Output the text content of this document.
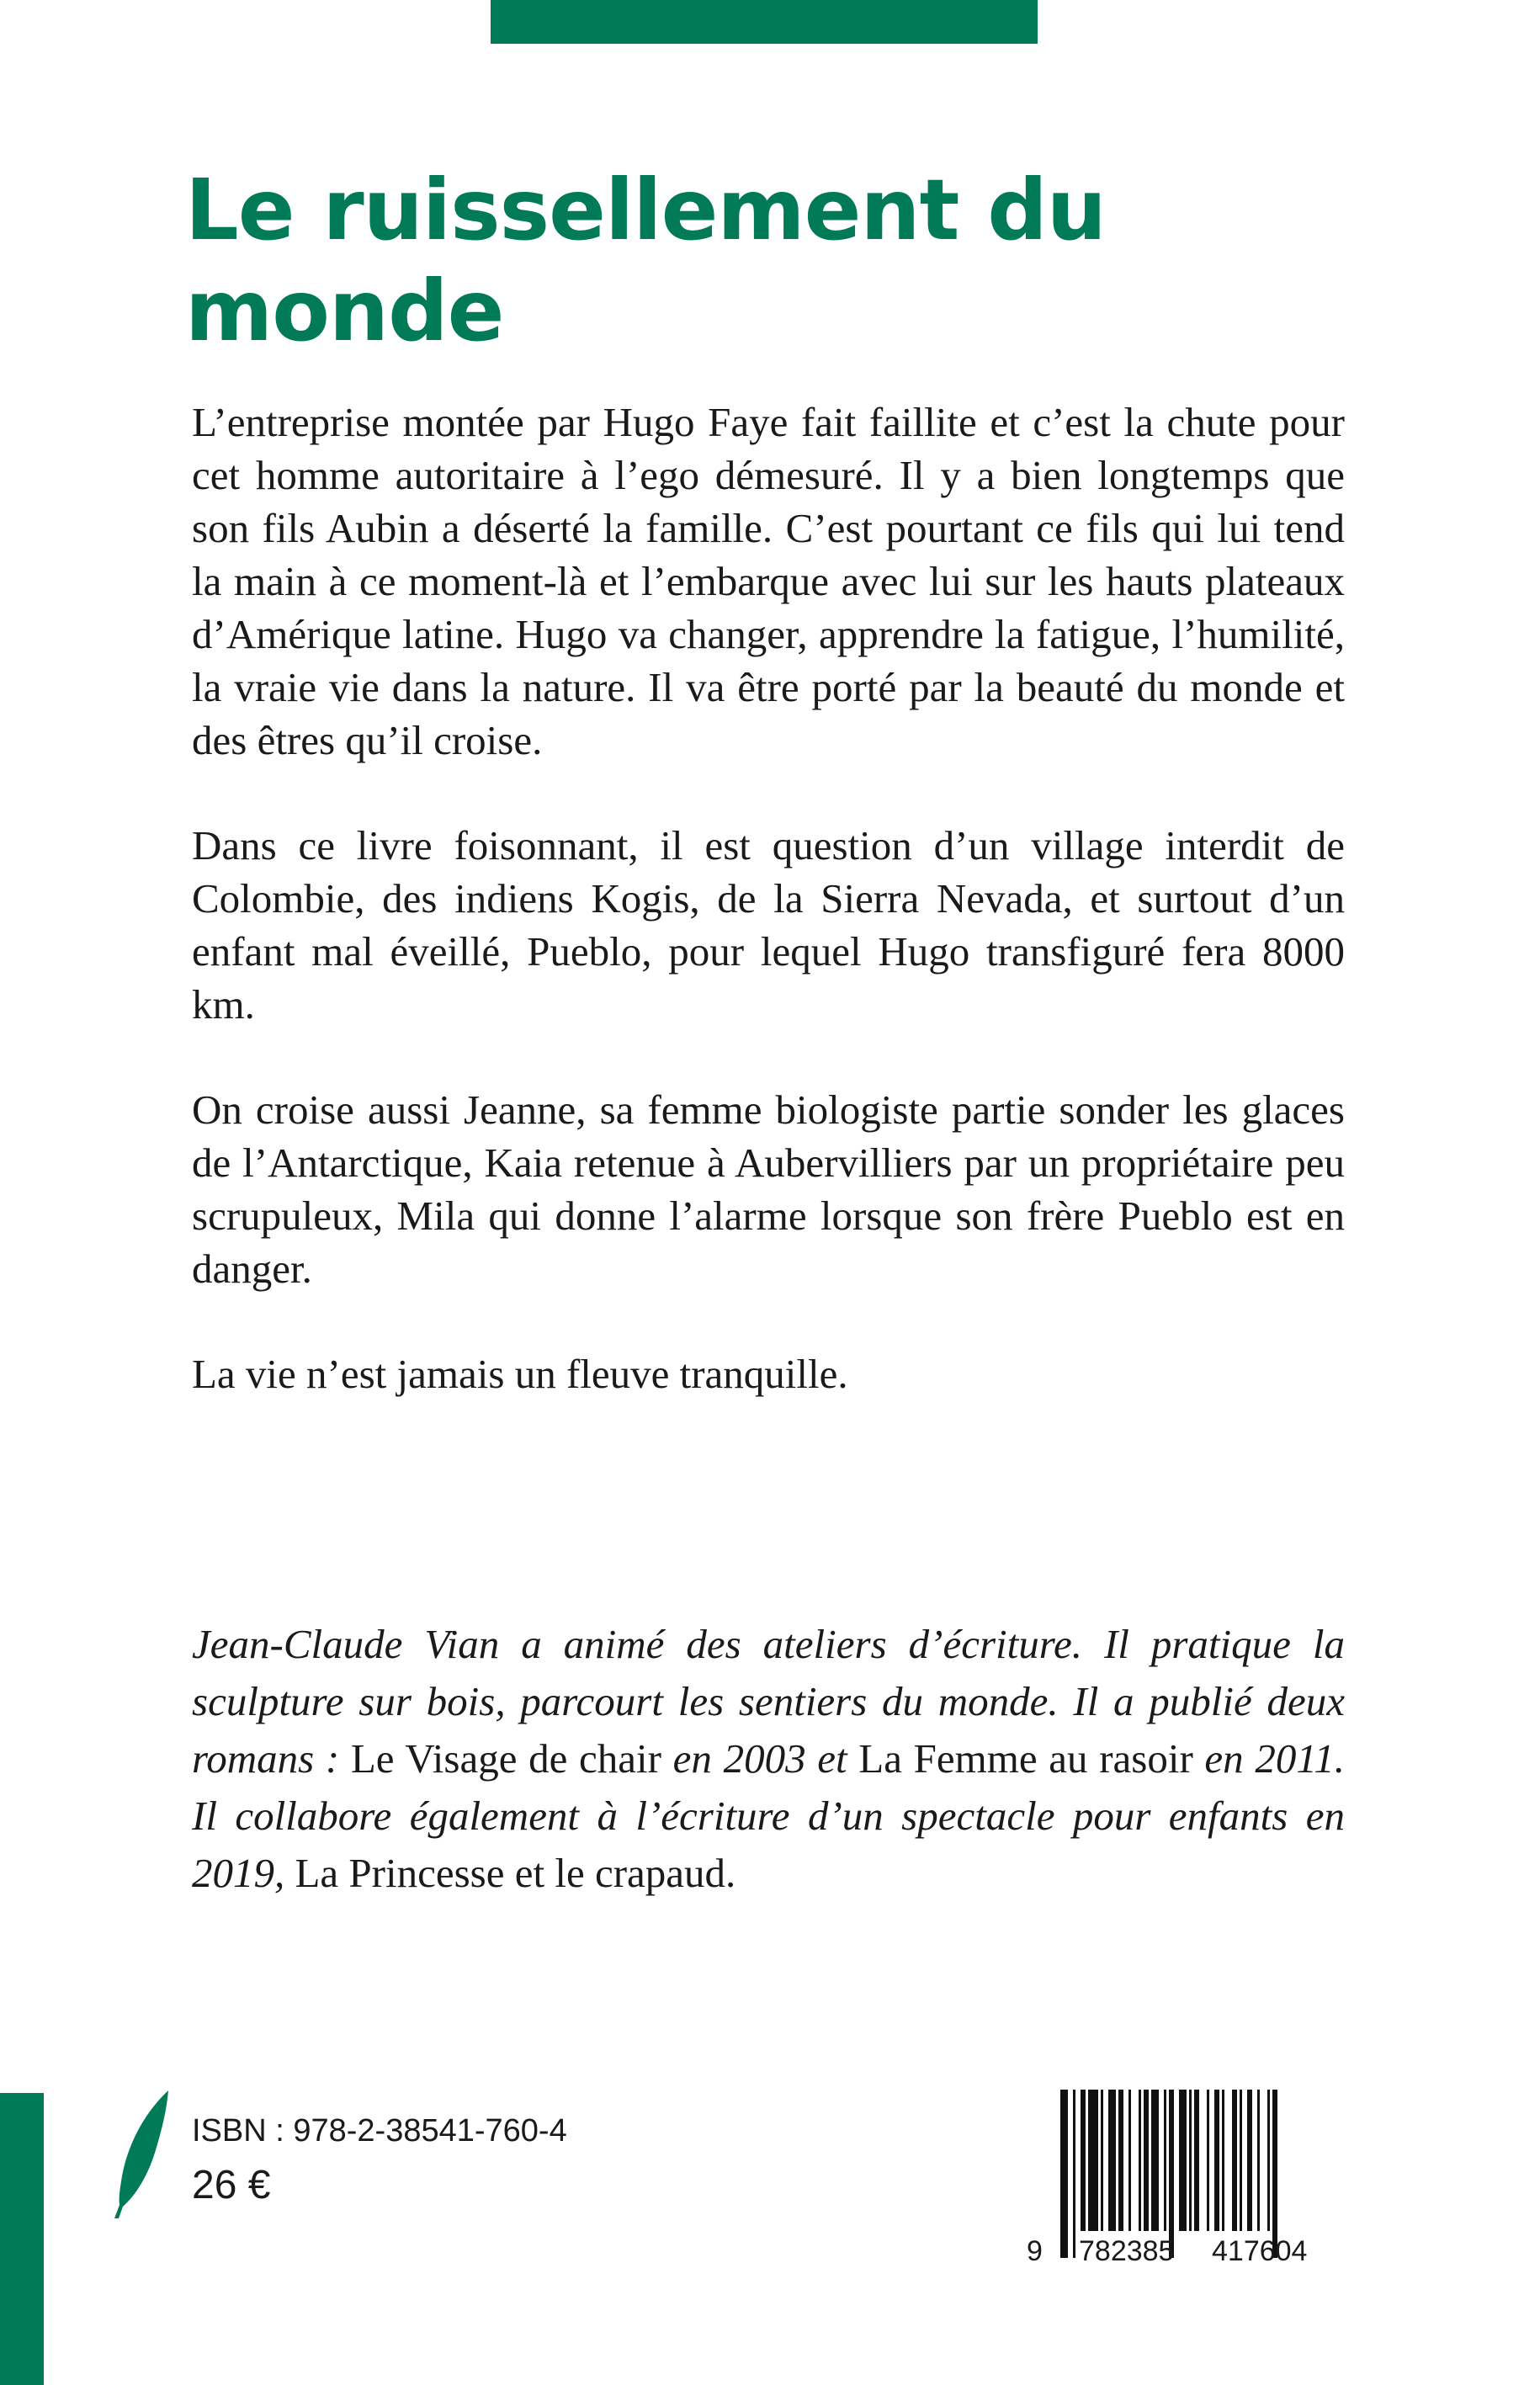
Le ruissellement du monde

L’entreprise montée par Hugo Faye fait faillite et c’est la chute pour cet homme autoritaire à l’ego démesuré. Il y a bien longtemps que son fils Aubin a déserté la famille. C’est pourtant ce fils qui lui tend la main à ce moment-là et l’embarque avec lui sur les hauts plateaux d’Amérique latine. Hugo va changer, apprendre la fatigue, l’humilité, la vraie vie dans la nature. Il va être porté par la beauté du monde et des êtres qu’il croise.

Dans ce livre foisonnant, il est question d’un village interdit de Colombie, des indiens Kogis, de la Sierra Nevada, et surtout d’un enfant mal éveillé, Pueblo, pour lequel Hugo transfiguré fera 8000 km.

On croise aussi Jeanne, sa femme biologiste partie sonder les glaces de l’Antarctique, Kaia retenue à Aubervilliers par un propriétaire peu scrupuleux, Mila qui donne l’alarme lorsque son frère Pueblo est en danger.

La vie n’est jamais un fleuve tranquille.

Jean-Claude Vian a animé des ateliers d’écriture. Il pratique la sculpture sur bois, parcourt les sentiers du monde. Il a publié deux romans : Le Visage de chair en 2003 et La Femme au rasoir en 2011. Il collabore également à l’écriture d’un spectacle pour enfants en 2019, La Princesse et le crapaud.

ISBN : 978-2-38541-760-4
26 €
9 782385 417604
